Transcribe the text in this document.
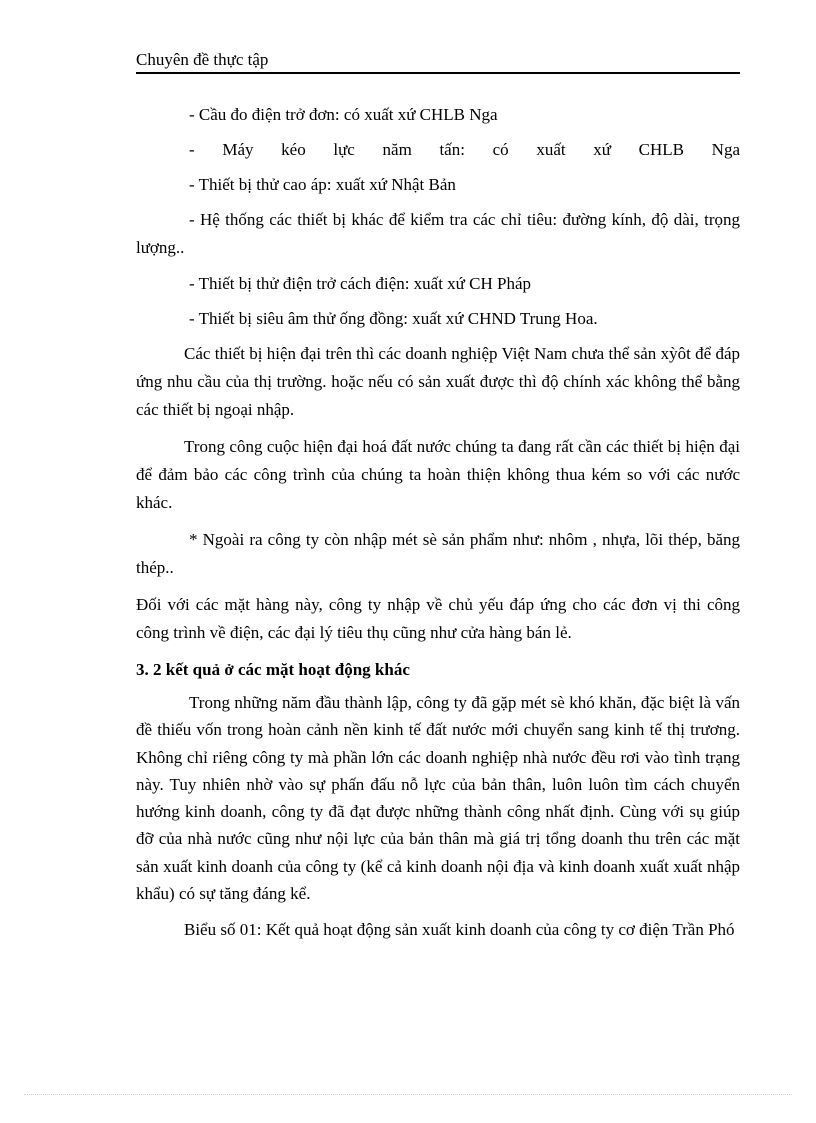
Chuyên đề thực tập

- Cầu đo điện trở đơn: có xuất xứ CHLB Nga

- Máy kéo lực năm tấn: có xuất xứ CHLB Nga

- Thiết bị thử cao áp: xuất xứ Nhật Bản

- Hệ thống các thiết bị khác để kiểm tra các chỉ tiêu: đường kính, độ dài, trọng lượng..

- Thiết bị thử điện trở cách điện: xuất xứ CH Pháp

- Thiết bị siêu âm thử ống đồng: xuất xứ CHND Trung Hoa.

Các thiết bị hiện đại trên thì các doanh nghiệp Việt Nam chưa thể sản xỳôt để đáp ứng nhu cầu của thị trường. hoặc nếu có sản xuất được thì độ chính xác không thể bằng các thiết bị ngoại nhập.

Trong công cuộc hiện đại hoá đất nước chúng ta đang rất cần các thiết bị hiện đại để đảm bảo các công trình của chúng ta hoàn thiện không thua kém so với các nước khác.

* Ngoài ra công ty còn nhập mét sè sản phẩm như: nhôm , nhựa, lõi thép, băng thép..

Đối với các mặt hàng này, công ty nhập về chủ yếu đáp ứng cho các đơn vị thi công công trình về điện, các đại lý tiêu thụ cũng như cửa hàng bán lẻ.

3. 2 kết quả ở các mặt hoạt động khác

Trong những năm đầu thành lập, công ty đã gặp mét sè khó khăn, đặc biệt là vấn đề thiếu vốn trong hoàn cảnh nền kinh tế đất nước mới chuyển sang kinh tế thị trương. Không chỉ riêng công ty mà phần lớn các doanh nghiệp nhà nước đều rơi vào tình trạng này. Tuy nhiên nhờ vào sự phấn đấu nỗ lực của bản thân, luôn luôn tìm cách chuyển hướng kinh doanh, công ty đã đạt được những thành công nhất định. Cùng với sụ giúp đỡ của nhà nước cũng như nội lực của bản thân mà giá trị tổng doanh thu trên các mặt sản xuất kinh doanh của công ty (kể cả kinh doanh nội địa và kinh doanh xuất xuất nhập khẩu) có sự tăng đáng kể.

Biểu số 01: Kết quả hoạt động sản xuất kinh doanh của công ty cơ điện Trần Phó
